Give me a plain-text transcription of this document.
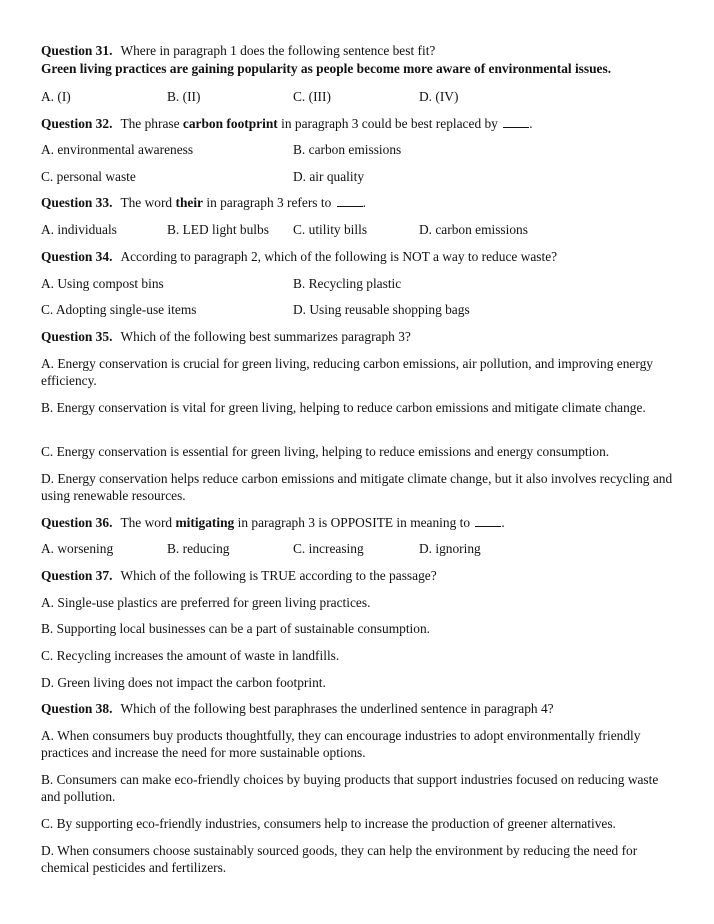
Question 31. Where in paragraph 1 does the following sentence best fit?
Green living practices are gaining popularity as people become more aware of environmental issues.
A. (I)	B. (II)	C. (III)	D. (IV)
Question 32. The phrase carbon footprint in paragraph 3 could be best replaced by .
A. environmental awareness	B. carbon emissions
C. personal waste	D. air quality
Question 33. The word their in paragraph 3 refers to .
A. individuals	B. LED light bulbs C. utility bills	D. carbon emissions
Question 34. According to paragraph 2, which of the following is NOT a way to reduce waste?
A. Using compost bins	B. Recycling plastic
C. Adopting single-use items	D. Using reusable shopping bags
Question 35. Which of the following best summarizes paragraph 3?
A. Energy conservation is crucial for green living, reducing carbon emissions, air pollution, and improving energy efficiency.
B. Energy conservation is vital for green living, helping to reduce carbon emissions and mitigate climate change.
C. Energy conservation is essential for green living, helping to reduce emissions and energy consumption.
D. Energy conservation helps reduce carbon emissions and mitigate climate change, but it also involves recycling and using renewable resources.
Question 36. The word mitigating in paragraph 3 is OPPOSITE in meaning to .
A. worsening	B. reducing	C. increasing	D. ignoring
Question 37. Which of the following is TRUE according to the passage?
A. Single-use plastics are preferred for green living practices.
B. Supporting local businesses can be a part of sustainable consumption.
C. Recycling increases the amount of waste in landfills.
D. Green living does not impact the carbon footprint.
Question 38. Which of the following best paraphrases the underlined sentence in paragraph 4?
A. When consumers buy products thoughtfully, they can encourage industries to adopt environmentally friendly practices and increase the need for more sustainable options.
B. Consumers can make eco-friendly choices by buying products that support industries focused on reducing waste and pollution.
C. By supporting eco-friendly industries, consumers help to increase the production of greener alternatives.
D. When consumers choose sustainably sourced goods, they can help the environment by reducing the need for chemical pesticides and fertilizers.
